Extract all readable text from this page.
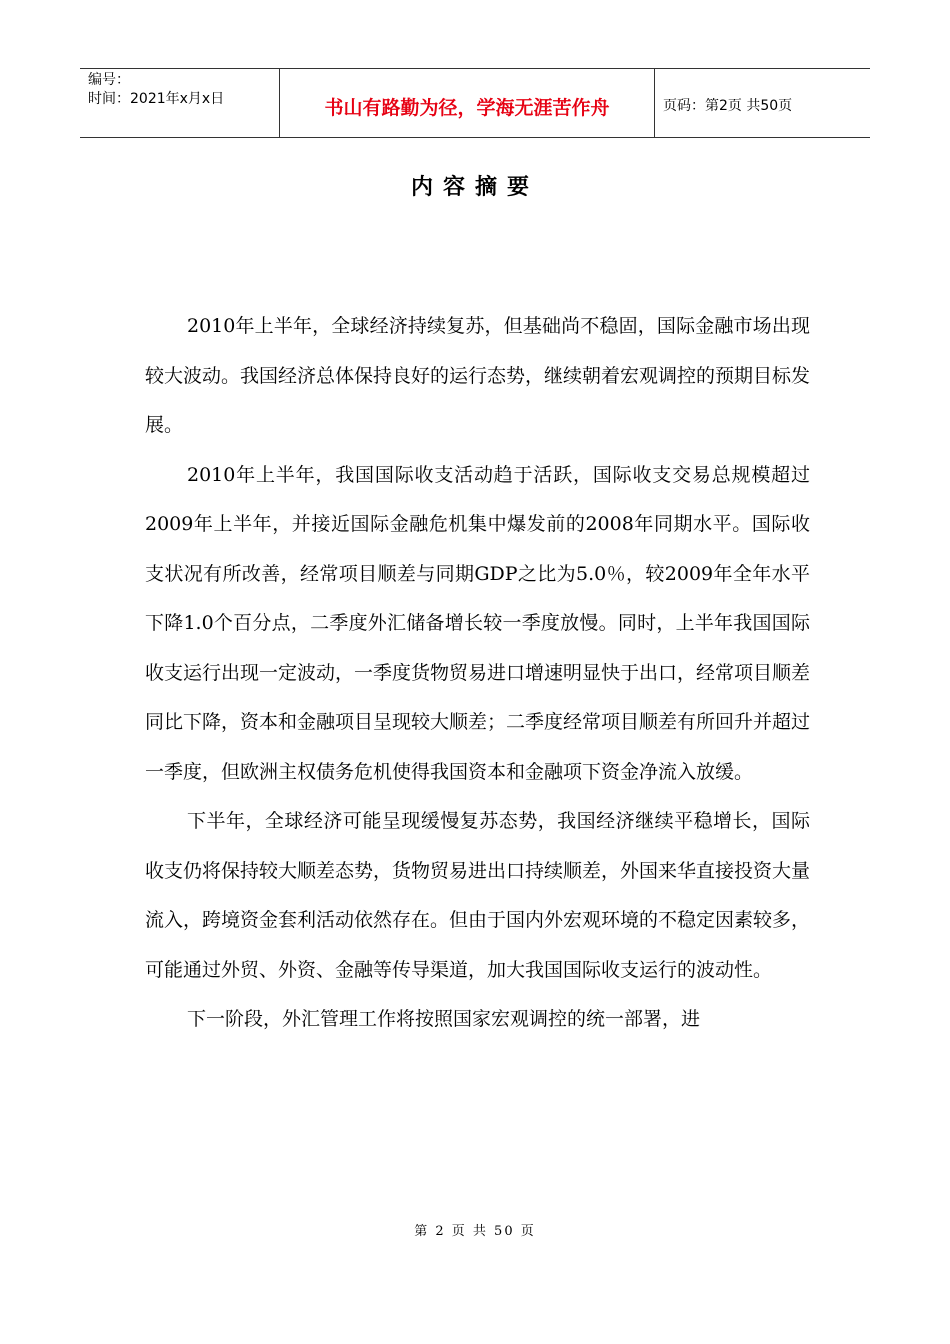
编号：
时间：2021年x月x日	书山有路勤为径，学海无涯苦作舟	页码：第2页 共50页
内容摘要

2010年上半年，全球经济持续复苏，但基础尚不稳固，国际金融市场出现较大波动。我国经济总体保持良好的运行态势，继续朝着宏观调控的预期目标发展。

2010年上半年，我国国际收支活动趋于活跃，国际收支交易总规模超过2009年上半年，并接近国际金融危机集中爆发前的2008年同期水平。国际收支状况有所改善，经常项目顺差与同期GDP之比为5.0％，较2009年全年水平下降1.0个百分点，二季度外汇储备增长较一季度放慢。同时，上半年我国国际收支运行出现一定波动，一季度货物贸易进口增速明显快于出口，经常项目顺差同比下降，资本和金融项目呈现较大顺差；二季度经常项目顺差有所回升并超过一季度，但欧洲主权债务危机使得我国资本和金融项下资金净流入放缓。

下半年，全球经济可能呈现缓慢复苏态势，我国经济继续平稳增长，国际收支仍将保持较大顺差态势，货物贸易进出口持续顺差，外国来华直接投资大量流入，跨境资金套利活动依然存在。但由于国内外宏观环境的不稳定因素较多，可能通过外贸、外资、金融等传导渠道，加大我国国际收支运行的波动性。

下一阶段，外汇管理工作将按照国家宏观调控的统一部署，进

第 2 页 共 50 页
